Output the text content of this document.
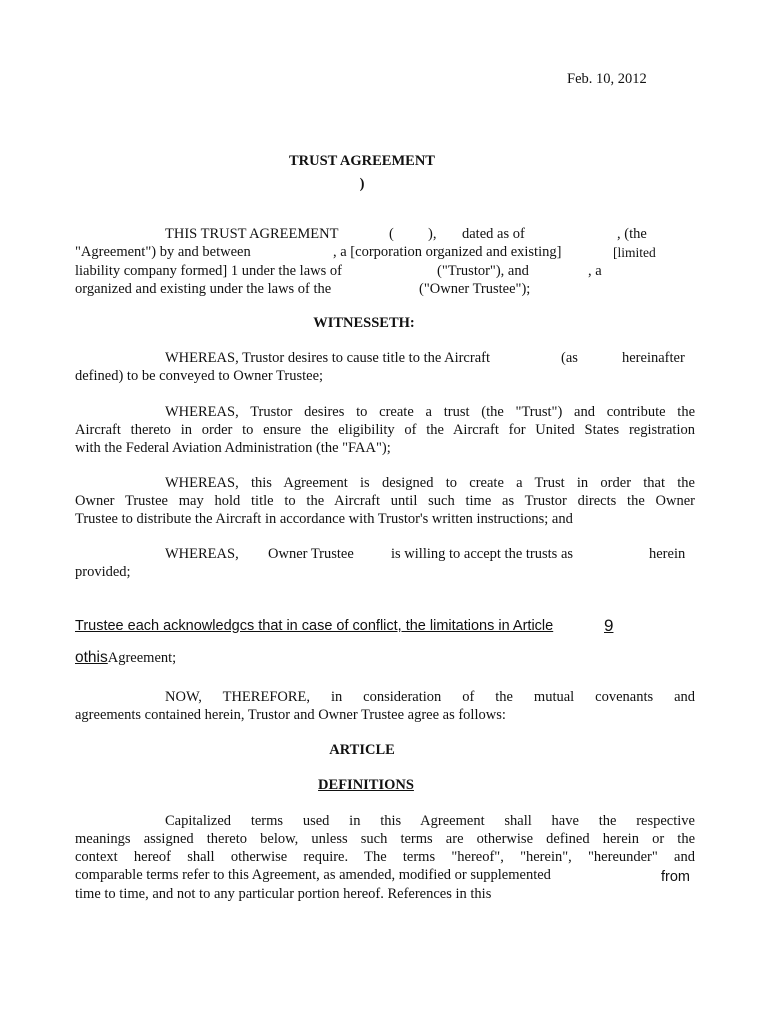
Feb. 10, 2012
TRUST AGREEMENT
)
THIS TRUST AGREEMENT	( ), dated as of	, (the
"Agreement") by and between	, a [corporation organized and existing]	[limited
liability company formed] 1 under the laws of	("Trustor"), and	, a
organized and existing under the laws of the	("Owner Trustee");
WITNESSETH:
WHEREAS, Trustor desires to cause title to the Aircraft	(as	hereinafter
defined) to be conveyed to Owner Trustee;
WHEREAS, Trustor desires to create a trust (the "Trust") and contribute the
Aircraft thereto in order to ensure the eligibility of the Aircraft for United States registration
with the Federal Aviation Administration (the "FAA");
WHEREAS, this Agreement is designed to create a Trust in order that the
Owner Trustee may hold title to the Aircraft until such time as Trustor directs the Owner
Trustee to distribute the Aircraft in accordance with Trustor's written instructions; and
WHEREAS, Owner Trustee	is willing to accept the trusts as	herein
provided;
Trustee each acknowledgcs that in case of conflict, the limitations in Article	9
othisAgreement;
NOW, THEREFORE, in consideration of the mutual covenants and
agreements contained herein, Trustor and Owner Trustee agree as follows:
ARTICLE
DEFINITIONS
Capitalized terms used in this Agreement shall have the respective
meanings assigned thereto below, unless such terms are otherwise defined herein or the
context hereof shall otherwise require. The terms "hereof", "herein", "hereunder" and
comparable terms refer to this Agreement, as amended, modified or supplemented	from
time to time, and not to any particular portion hereof. References in this
